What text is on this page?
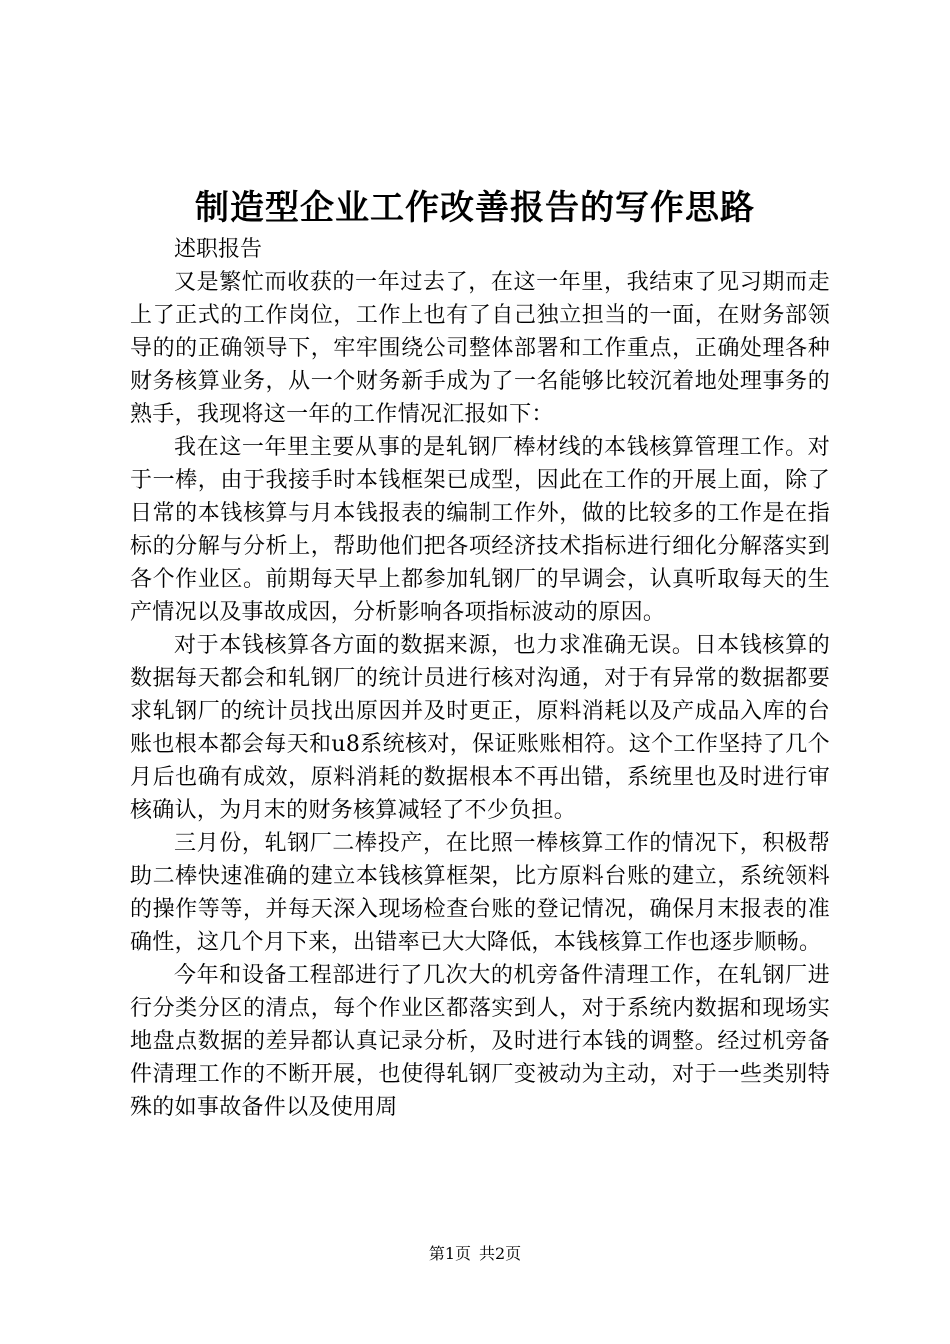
制造型企业工作改善报告的写作思路

述职报告

又是繁忙而收获的一年过去了，在这一年里，我结束了见习期而走上了正式的工作岗位，工作上也有了自己独立担当的一面，在财务部领导的的正确领导下，牢牢围绕公司整体部署和工作重点，正确处理各种财务核算业务，从一个财务新手成为了一名能够比较沉着地处理事务的熟手，我现将这一年的工作情况汇报如下：

我在这一年里主要从事的是轧钢厂棒材线的本钱核算管理工作。对于一棒，由于我接手时本钱框架已成型，因此在工作的开展上面，除了日常的本钱核算与月本钱报表的编制工作外，做的比较多的工作是在指标的分解与分析上，帮助他们把各项经济技术指标进行细化分解落实到各个作业区。前期每天早上都参加轧钢厂的早调会，认真听取每天的生产情况以及事故成因，分析影响各项指标波动的原因。

对于本钱核算各方面的数据来源，也力求准确无误。日本钱核算的数据每天都会和轧钢厂的统计员进行核对沟通，对于有异常的数据都要求轧钢厂的统计员找出原因并及时更正，原料消耗以及产成品入库的台账也根本都会每天和u8系统核对，保证账账相符。这个工作坚持了几个月后也确有成效，原料消耗的数据根本不再出错，系统里也及时进行审核确认，为月末的财务核算减轻了不少负担。

三月份，轧钢厂二棒投产，在比照一棒核算工作的情况下，积极帮助二棒快速准确的建立本钱核算框架，比方原料台账的建立，系统领料的操作等等，并每天深入现场检查台账的登记情况，确保月末报表的准确性，这几个月下来，出错率已大大降低，本钱核算工作也逐步顺畅。

今年和设备工程部进行了几次大的机旁备件清理工作，在轧钢厂进行分类分区的清点，每个作业区都落实到人，对于系统内数据和现场实地盘点数据的差异都认真记录分析，及时进行本钱的调整。经过机旁备件清理工作的不断开展，也使得轧钢厂变被动为主动，对于一些类别特殊的如事故备件以及使用周

第1页 共2页
